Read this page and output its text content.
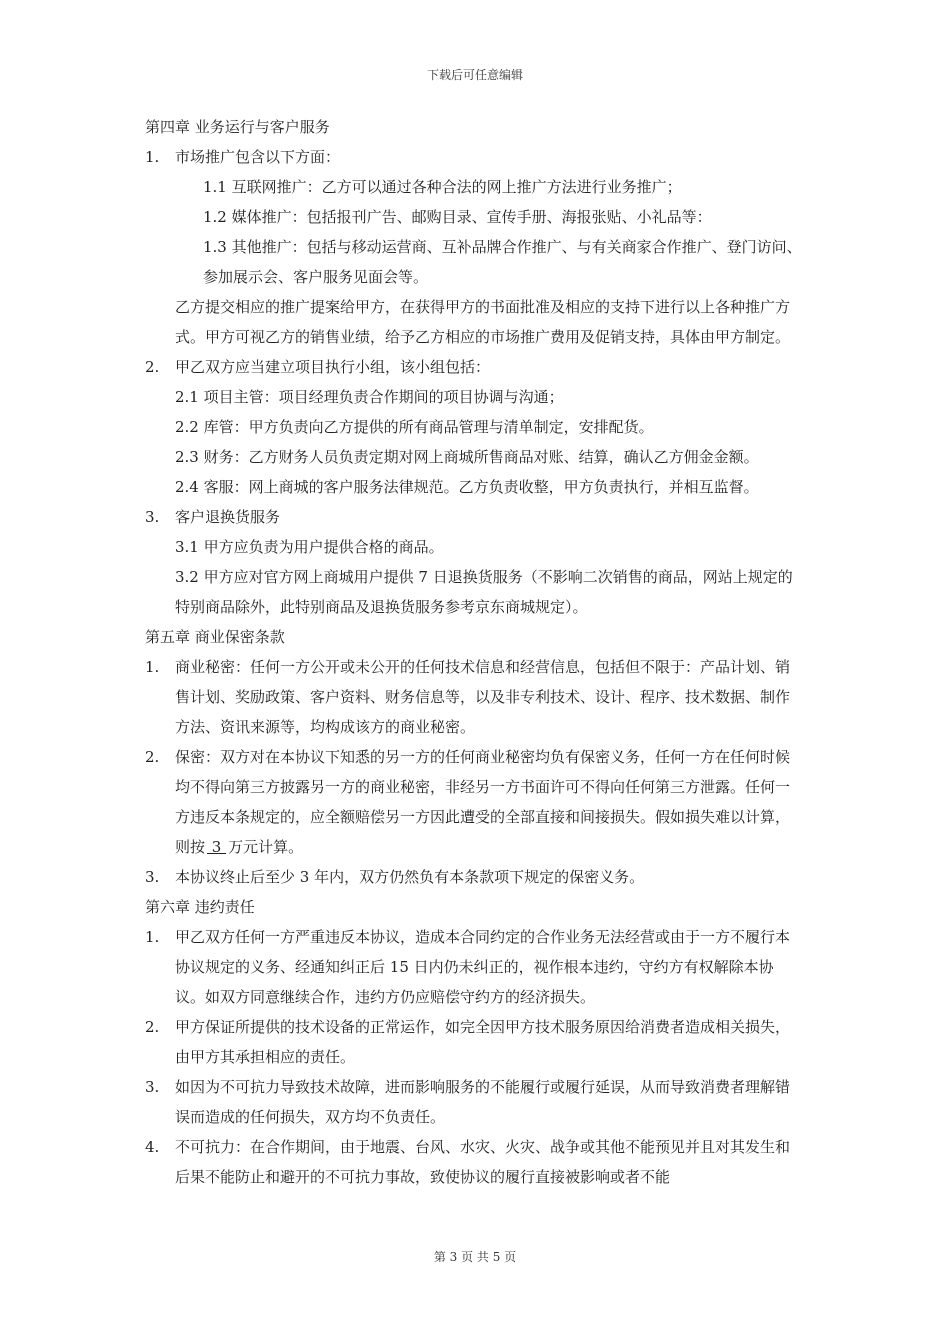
下载后可任意编辑
第四章 业务运行与客户服务
1. 市场推广包含以下方面：
1.1 互联网推广：乙方可以通过各种合法的网上推广方法进行业务推广；
1.2 媒体推广：包括报刊广告、邮购目录、宣传手册、海报张贴、小礼品等：
1.3 其他推广：包括与移动运营商、互补品牌合作推广、与有关商家合作推广、登门访问、参加展示会、客户服务见面会等。
乙方提交相应的推广提案给甲方，在获得甲方的书面批准及相应的支持下进行以上各种推广方式。甲方可视乙方的销售业绩，给予乙方相应的市场推广费用及促销支持，具体由甲方制定。
2. 甲乙双方应当建立项目执行小组，该小组包括：
2.1 项目主管：项目经理负责合作期间的项目协调与沟通；
2.2 库管：甲方负责向乙方提供的所有商品管理与清单制定，安排配货。
2.3 财务：乙方财务人员负责定期对网上商城所售商品对账、结算，确认乙方佣金金额。
2.4 客服：网上商城的客户服务法律规范。乙方负责收整，甲方负责执行，并相互监督。
3. 客户退换货服务
3.1 甲方应负责为用户提供合格的商品。
3.2 甲方应对官方网上商城用户提供 7 日退换货服务（不影响二次销售的商品，网站上规定的特别商品除外，此特别商品及退换货服务参考京东商城规定）。
第五章 商业保密条款
1. 商业秘密：任何一方公开或未公开的任何技术信息和经营信息，包括但不限于：产品计划、销售计划、奖励政策、客户资料、财务信息等，以及非专利技术、设计、程序、技术数据、制作方法、资讯来源等，均构成该方的商业秘密。
2. 保密：双方对在本协议下知悉的另一方的任何商业秘密均负有保密义务，任何一方在任何时候均不得向第三方披露另一方的商业秘密，非经另一方书面许可不得向任何第三方泄露。任何一方违反本条规定的，应全额赔偿另一方因此遭受的全部直接和间接损失。假如损失难以计算，则按 3 万元计算。
3. 本协议终止后至少 3 年内，双方仍然负有本条款项下规定的保密义务。
第六章 违约责任
1. 甲乙双方任何一方严重违反本协议，造成本合同约定的合作业务无法经营或由于一方不履行本协议规定的义务、经通知纠正后 15 日内仍未纠正的，视作根本违约，守约方有权解除本协议。如双方同意继续合作，违约方仍应赔偿守约方的经济损失。
2. 甲方保证所提供的技术设备的正常运作，如完全因甲方技术服务原因给消费者造成相关损失，由甲方其承担相应的责任。
3. 如因为不可抗力导致技术故障，进而影响服务的不能履行或履行延误，从而导致消费者理解错误而造成的任何损失，双方均不负责任。
4. 不可抗力：在合作期间，由于地震、台风、水灾、火灾、战争或其他不能预见并且对其发生和后果不能防止和避开的不可抗力事故，致使协议的履行直接被影响或者不能
第 3 页 共 5 页
